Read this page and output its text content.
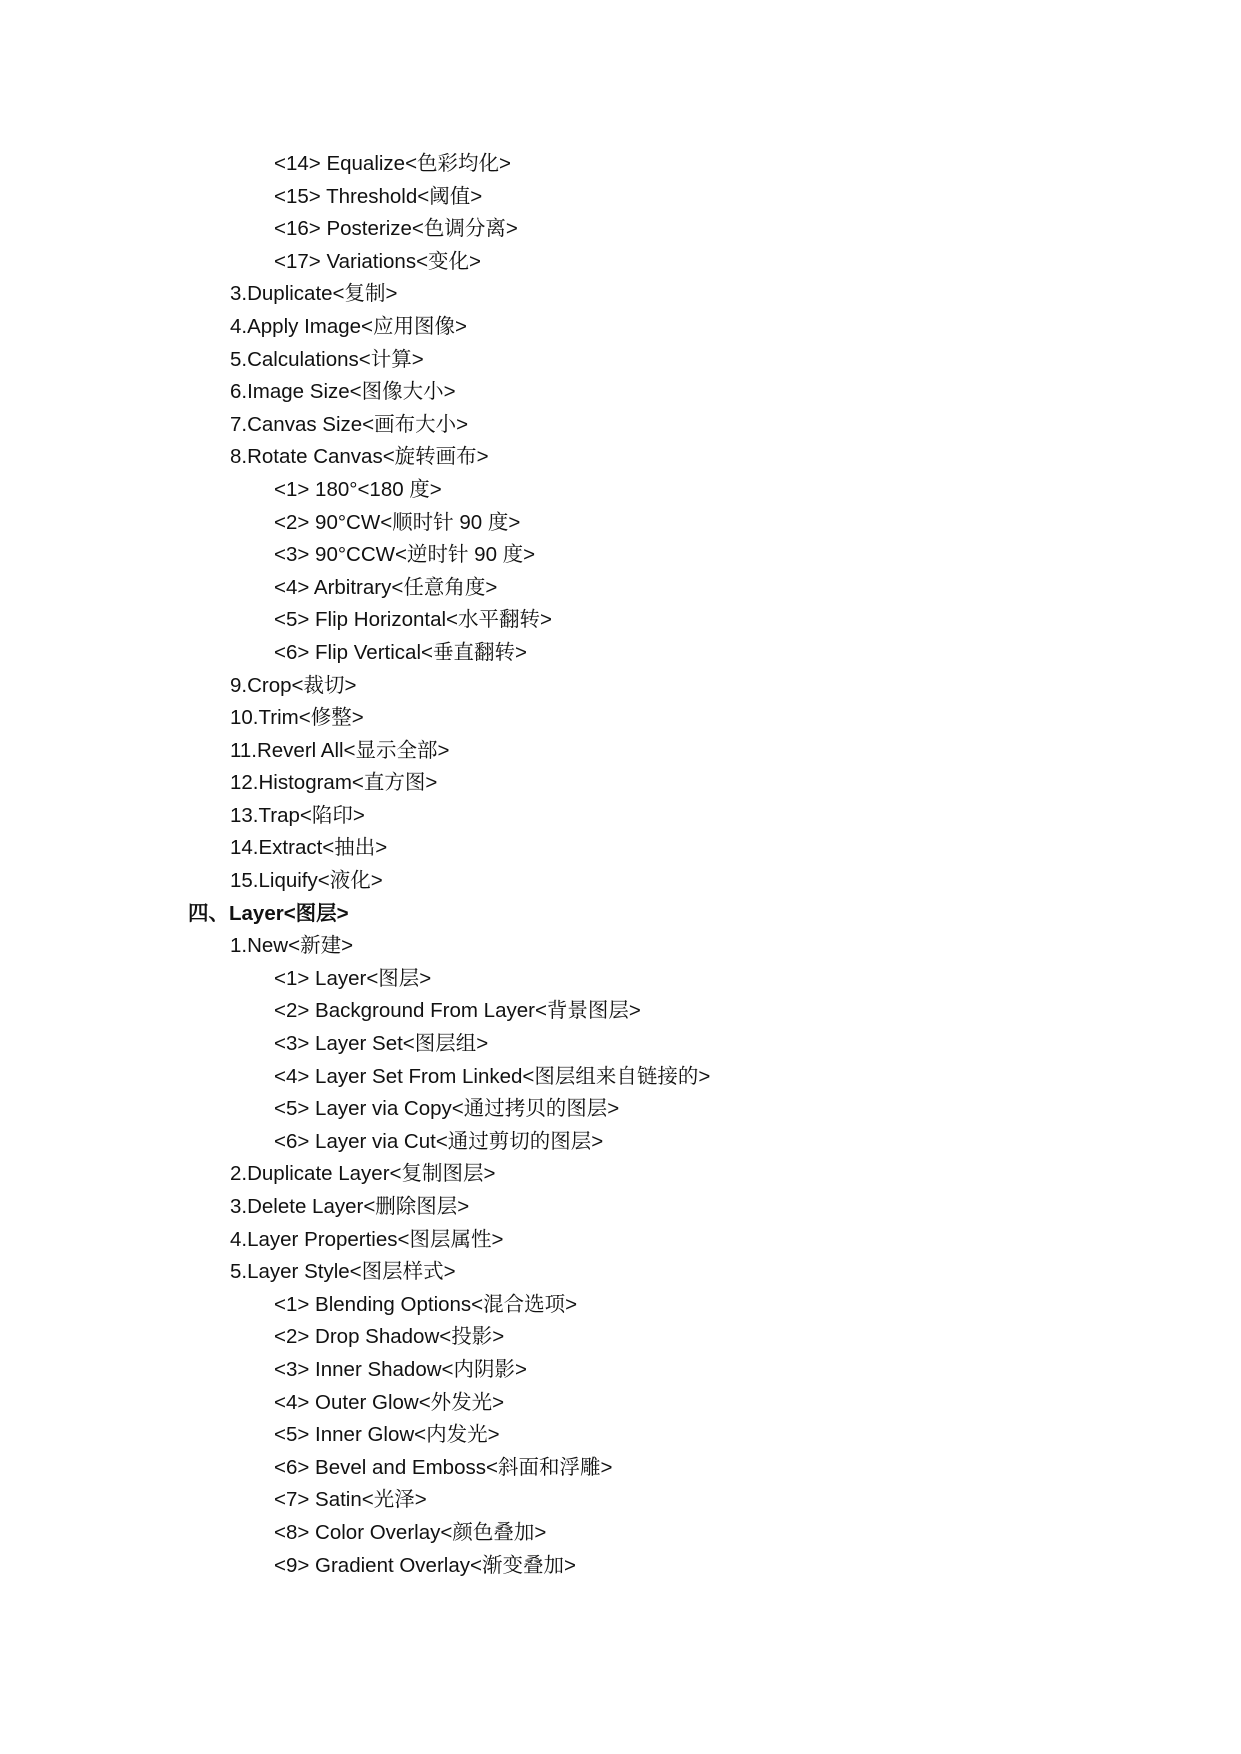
<14> Equalize<色彩均化>
<15> Threshold<阈值>
<16> Posterize<色调分离>
<17> Variations<变化>
3.Duplicate<复制>
4.Apply Image<应用图像>
5.Calculations<计算>
6.Image Size<图像大小>
7.Canvas Size<画布大小>
8.Rotate Canvas<旋转画布>
<1> 180°<180 度>
<2> 90°CW<顺时针 90 度>
<3> 90°CCW<逆时针 90 度>
<4> Arbitrary<任意角度>
<5> Flip Horizontal<水平翻转>
<6> Flip Vertical<垂直翻转>
9.Crop<裁切>
10.Trim<修整>
11.Reverl All<显示全部>
12.Histogram<直方图>
13.Trap<陷印>
14.Extract<抽出>
15.Liquify<液化>
四、Layer<图层>
1.New<新建>
<1> Layer<图层>
<2> Background From Layer<背景图层>
<3> Layer Set<图层组>
<4> Layer Set From Linked<图层组来自链接的>
<5> Layer via Copy<通过拷贝的图层>
<6> Layer via Cut<通过剪切的图层>
2.Duplicate Layer<复制图层>
3.Delete Layer<删除图层>
4.Layer Properties<图层属性>
5.Layer Style<图层样式>
<1> Blending Options<混合选项>
<2> Drop Shadow<投影>
<3> Inner Shadow<内阴影>
<4> Outer Glow<外发光>
<5> Inner Glow<内发光>
<6> Bevel and Emboss<斜面和浮雕>
<7> Satin<光泽>
<8> Color Overlay<颜色叠加>
<9> Gradient Overlay<渐变叠加>
